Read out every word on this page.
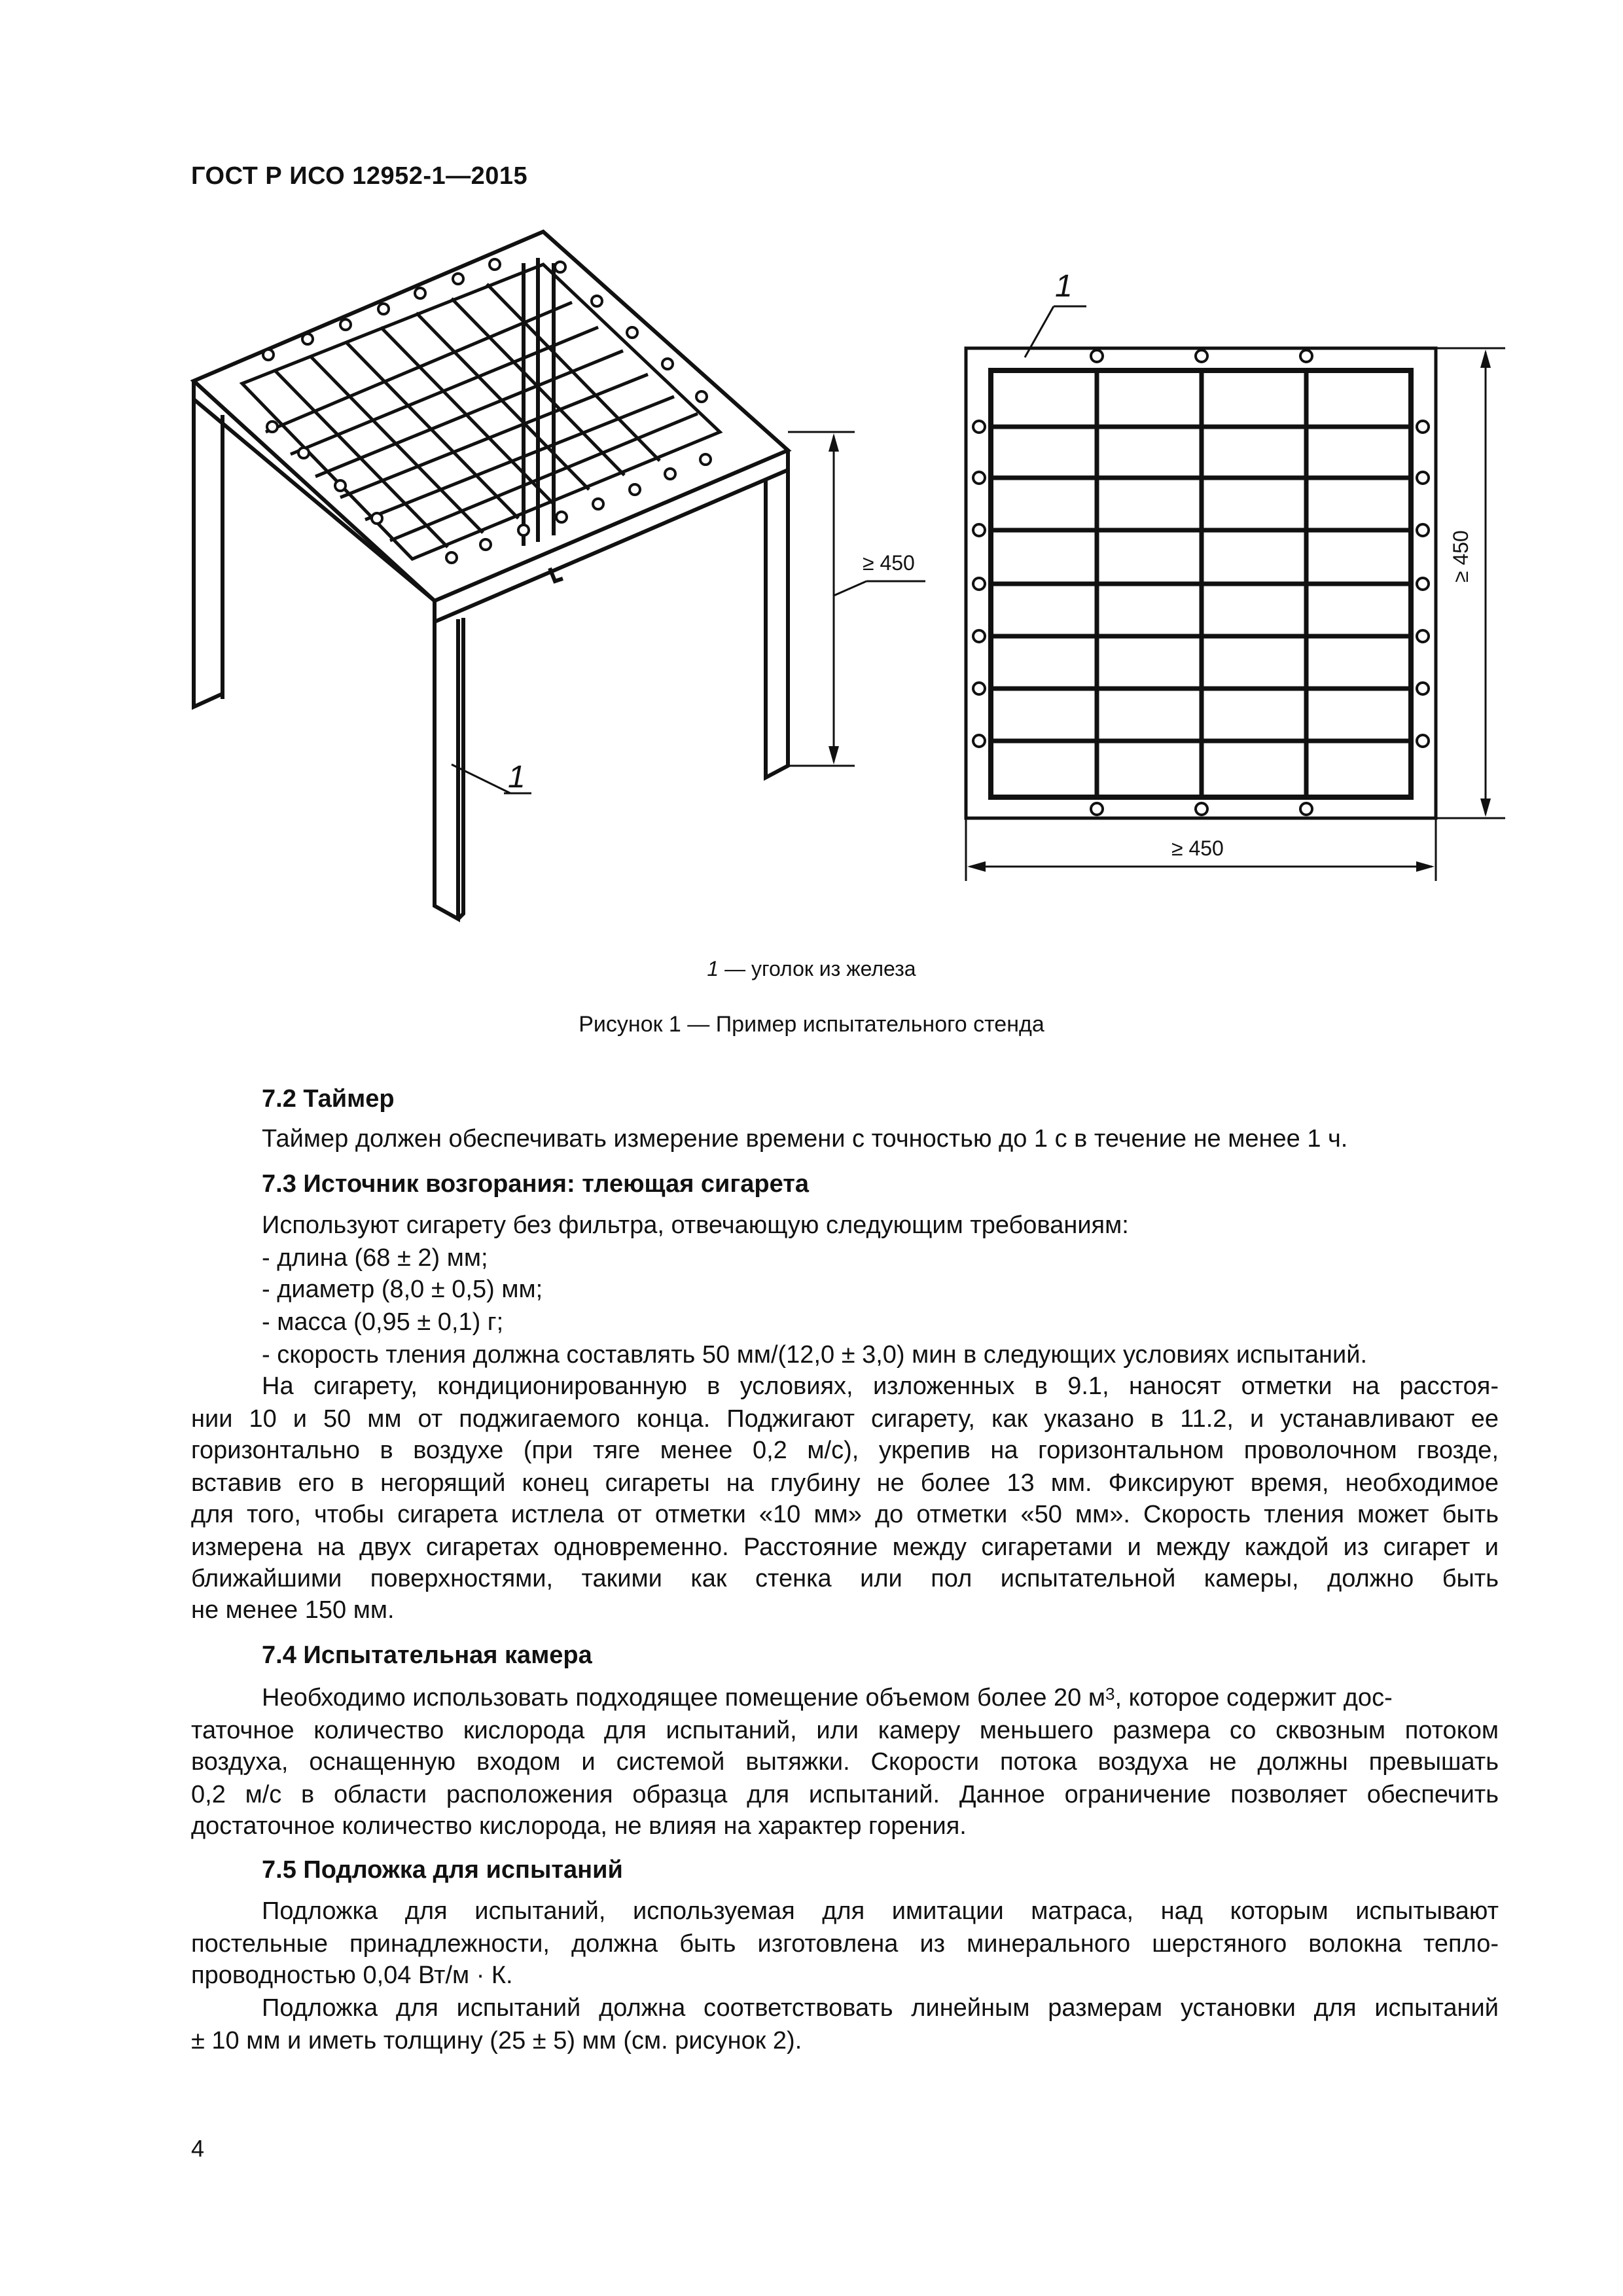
ГОСТ Р ИСО 12952-1—2015
1
1
≥ 450
≥ 450
≥ 450
1 — уголок из железа
Рисунок 1 — Пример испытательного стенда
7.2 Таймер
Таймер должен обеспечивать измерение времени с точностью до 1 с в течение не менее 1 ч.
7.3 Источник возгорания: тлеющая сигарета
Используют сигарету без фильтра, отвечающую следующим требованиям:
- длина (68 ± 2) мм;
- диаметр (8,0 ± 0,5) мм;
- масса (0,95 ± 0,1) г;
- скорость тления должна составлять 50 мм/(12,0 ± 3,0) мин в следующих условиях испытаний.
На сигарету, кондиционированную в условиях, изложенных в 9.1, наносят отметки на расстоя-
нии 10 и 50 мм от поджигаемого конца. Поджигают сигарету, как указано в 11.2, и устанавливают ее
горизонтально в воздухе (при тяге менее 0,2 м/с), укрепив на горизонтальном проволочном гвозде,
вставив его в негорящий конец сигареты на глубину не более 13 мм. Фиксируют время, необходимое
для того, чтобы сигарета истлела от отметки «10 мм» до отметки «50 мм». Скорость тления может быть
измерена на двух сигаретах одновременно. Расстояние между сигаретами и между каждой из сигарет и
ближайшими поверхностями, такими как стенка или пол испытательной камеры, должно быть
не менее 150 мм.
7.4 Испытательная камера
Необходимо использовать подходящее помещение объемом более 20 $м^3$, которое содержит дос-
таточное количество кислорода для испытаний, или камеру меньшего размера со сквозным потоком
воздуха, оснащенную входом и системой вытяжки. Скорости потока воздуха не должны превышать
0,2 м/с в области расположения образца для испытаний. Данное ограничение позволяет обеспечить
достаточное количество кислорода, не влияя на характер горения.
7.5 Подложка для испытаний
Подложка для испытаний, используемая для имитации матраса, над которым испытывают
постельные принадлежности, должна быть изготовлена из минерального шерстяного волокна тепло-
проводностью 0,04 Вт/м · К.
Подложка для испытаний должна соответствовать линейным размерам установки для испытаний
± 10 мм и иметь толщину (25 ± 5) мм (см. рисунок 2).
4
